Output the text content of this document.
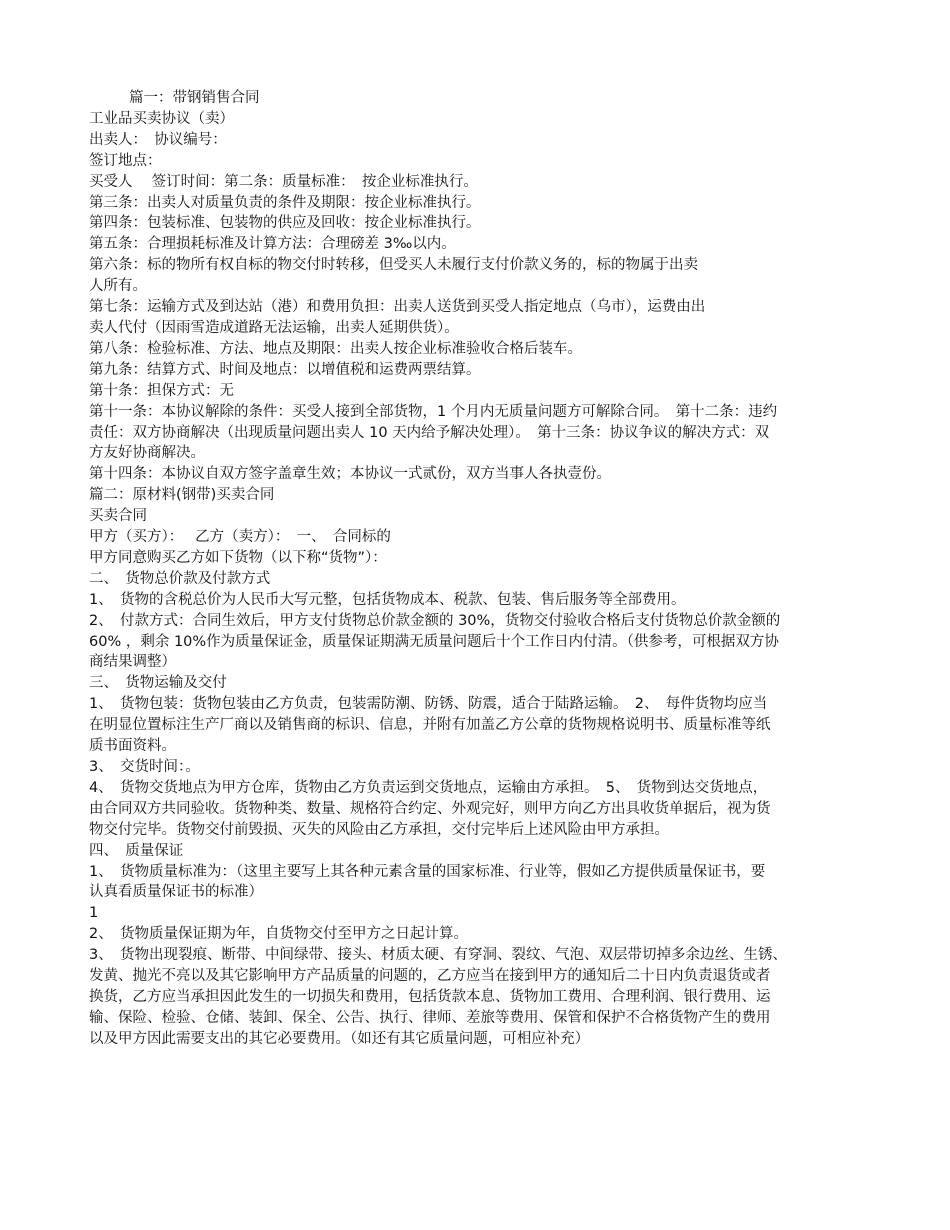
篇一：带钢销售合同
工业品买卖协议（卖）
出卖人：　协议编号：
签订地点：
买受人　 签订时间：第二条：质量标准：　按企业标准执行。
第三条：出卖人对质量负责的条件及期限：按企业标准执行。
第四条：包装标准、包装物的供应及回收：按企业标准执行。
第五条：合理损耗标准及计算方法：合理磅差 3‰以内。
第六条：标的物所有权自标的物交付时转移，但受买人未履行支付价款义务的，标的物属于出卖
人所有。
第七条：运输方式及到达站（港）和费用负担：出卖人送货到买受人指定地点（乌市），运费由出
卖人代付（因雨雪造成道路无法运输，出卖人延期供货）。
第八条：检验标准、方法、地点及期限：出卖人按企业标准验收合格后装车。
第九条：结算方式、时间及地点：以增值税和运费两票结算。
第十条：担保方式：无
第十一条：本协议解除的条件：买受人接到全部货物，1 个月内无质量问题方可解除合同。　第十二条：违约
责任：双方协商解决（出现质量问题出卖人 10 天内给予解决处理）。　第十三条：协议争议的解决方式：双
方友好协商解决。
第十四条：本协议自双方签字盖章生效；本协议一式贰份，双方当事人各执壹份。
篇二：原材料(钢带)买卖合同
买卖合同
甲方（买方）：　 乙方（卖方）：　一、　合同标的
甲方同意购买乙方如下货物（以下称“货物”）：
二、　货物总价款及付款方式
1、　货物的含税总价为人民币大写元整，包括货物成本、税款、包装、售后服务等全部费用。
2、　付款方式：合同生效后，甲方支付货物总价款金额的 30%，货物交付验收合格后支付货物总价款金额的
60% ，剩余 10%作为质量保证金，质量保证期满无质量问题后十个工作日内付清。（供参考，可根据双方协
商结果调整）
三、　货物运输及交付
1、　货物包装：货物包装由乙方负责，包装需防潮、防锈、防震，适合于陆路运输。　2、　每件货物均应当
在明显位置标注生产厂商以及销售商的标识、信息，并附有加盖乙方公章的货物规格说明书、质量标准等纸
质书面资料。
3、　交货时间：。
4、　货物交货地点为甲方仓库，货物由乙方负责运到交货地点，运输由方承担。　5、　货物到达交货地点，
由合同双方共同验收。货物种类、数量、规格符合约定、外观完好，则甲方向乙方出具收货单据后，视为货
物交付完毕。货物交付前毁损、灭失的风险由乙方承担，交付完毕后上述风险由甲方承担。
四、　质量保证
1、　货物质量标准为：（这里主要写上其各种元素含量的国家标准、行业等，假如乙方提供质量保证书，要
认真看质量保证书的标准）
1
2、　货物质量保证期为年，自货物交付至甲方之日起计算。
3、　货物出现裂痕、断带、中间绿带、接头、材质太硬、有穿洞、裂纹、气泡、双层带切掉多余边丝、生锈、
发黄、抛光不亮以及其它影响甲方产品质量的问题的，乙方应当在接到甲方的通知后二十日内负责退货或者
换货，乙方应当承担因此发生的一切损失和费用，包括货款本息、货物加工费用、合理利润、银行费用、运
输、保险、检验、仓储、装卸、保全、公告、执行、律师、差旅等费用、保管和保护不合格货物产生的费用
以及甲方因此需要支出的其它必要费用。（如还有其它质量问题，可相应补充）
